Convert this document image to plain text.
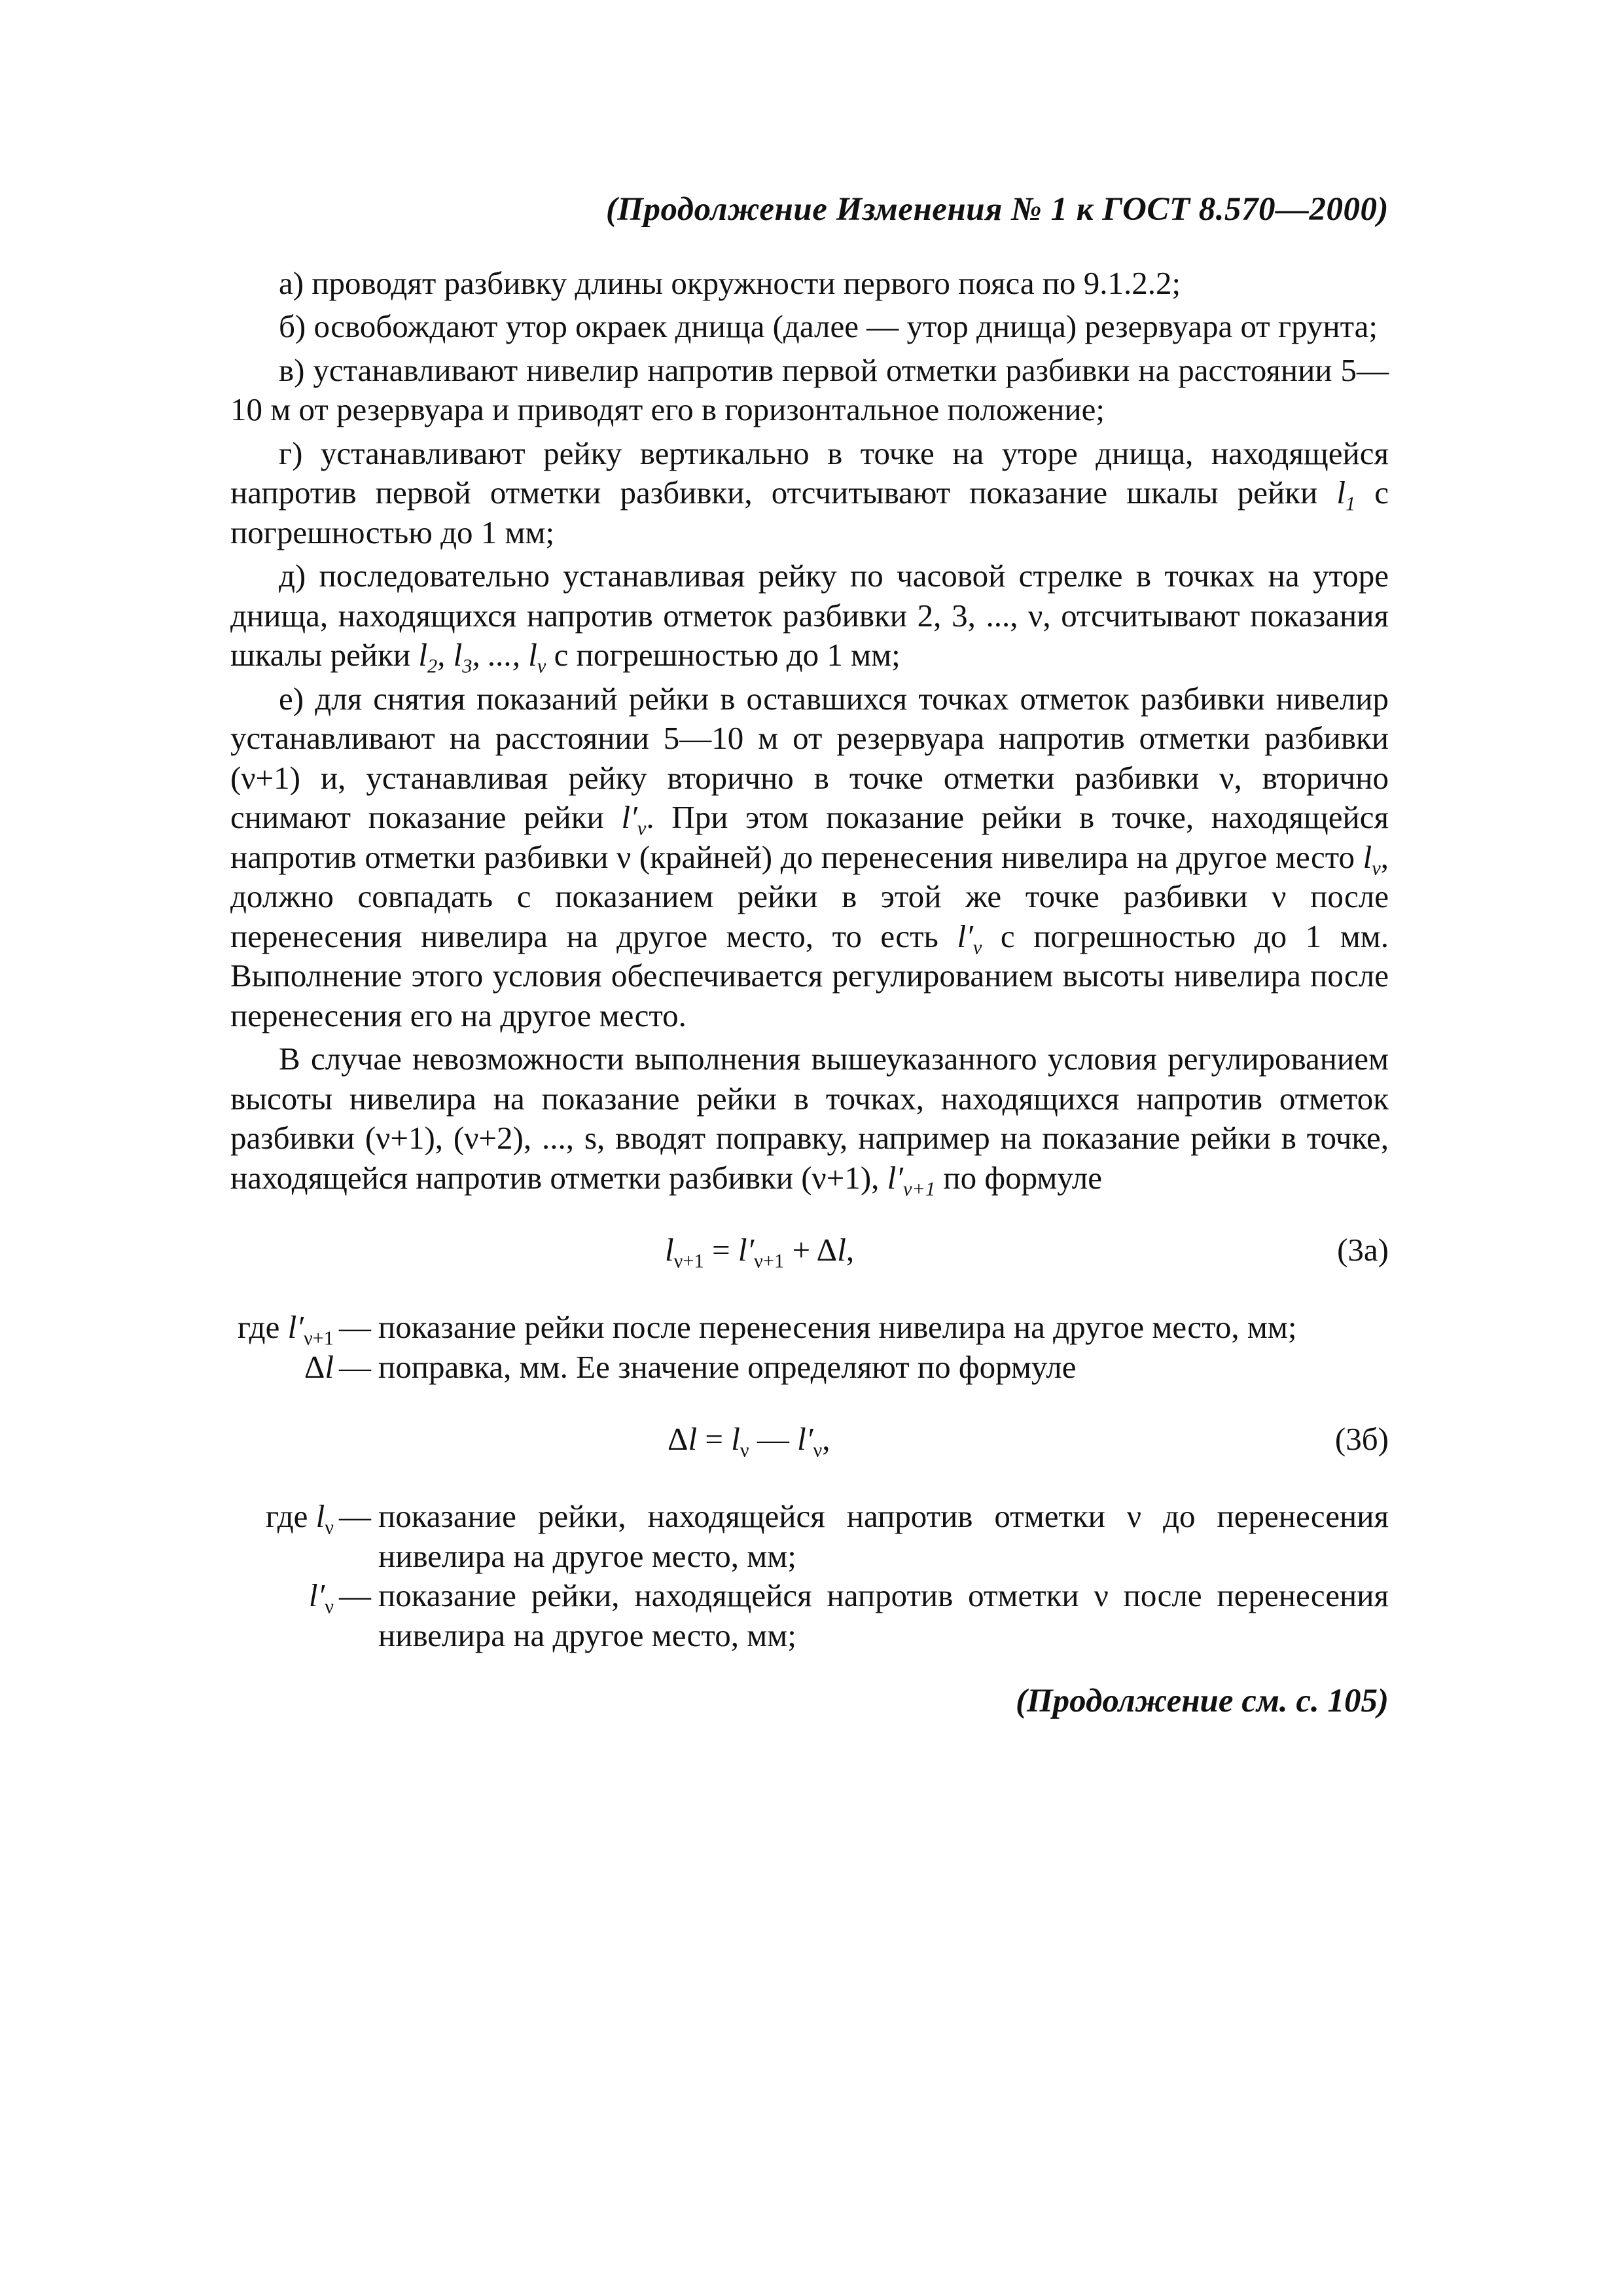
(Продолжение Изменения № 1 к ГОСТ 8.570—2000)

а) проводят разбивку длины окружности первого пояса по 9.1.2.2;

б) освобождают утор окраек днища (далее — утор днища) резервуара от грунта;

в) устанавливают нивелир напротив первой отметки разбивки на расстоянии 5—10 м от резервуара и приводят его в горизонтальное положение;

г) устанавливают рейку вертикально в точке на уторе днища, находящейся напротив первой отметки разбивки, отсчитывают показание шкалы рейки $l_1$ с погрешностью до 1 мм;

д) последовательно устанавливая рейку по часовой стрелке в точках на уторе днища, находящихся напротив отметок разбивки 2, 3, ..., ν, отсчитывают показания шкалы рейки $l_2$, $l_3$, ..., $l_\nu$ с погрешностью до 1 мм;

е) для снятия показаний рейки в оставшихся точках отметок разбивки нивелир устанавливают на расстоянии 5—10 м от резервуара напротив отметки разбивки (ν+1) и, устанавливая рейку вторично в точке отметки разбивки ν, вторично снимают показание рейки $l'_\nu$. При этом показание рейки в точке, находящейся напротив отметки разбивки ν (крайней) до перенесения нивелира на другое место $l_\nu$, должно совпадать с показанием рейки в этой же точке разбивки ν после перенесения нивелира на другое место, то есть $l'_\nu$ с погрешностью до 1 мм. Выполнение этого условия обеспечивается регулированием высоты нивелира после перенесения его на другое место.

В случае невозможности выполнения вышеуказанного условия регулированием высоты нивелира на показание рейки в точках, находящихся напротив отметок разбивки (ν+1), (ν+2), ..., s, вводят поправку, например на показание рейки в точке, находящейся напротив отметки разбивки (ν+1), $l'_{\nu+1}$ по формуле

$l_{\nu+1} = l'_{\nu+1} + \Delta l$,	(3а)
где $l'_{\nu+1}$ — показание рейки после перенесения нивелира на другое место, мм;
Δl — поправка, мм. Ее значение определяют по формуле
$\Delta l = l_\nu$ — $l'_\nu$,	(3б)
где $l_\nu$ — показание рейки, находящейся напротив отметки ν до перенесения нивелира на другое место, мм;
$l'_\nu$ — показание рейки, находящейся напротив отметки ν после перенесения нивелира на другое место, мм;
(Продолжение см. с. 105)
